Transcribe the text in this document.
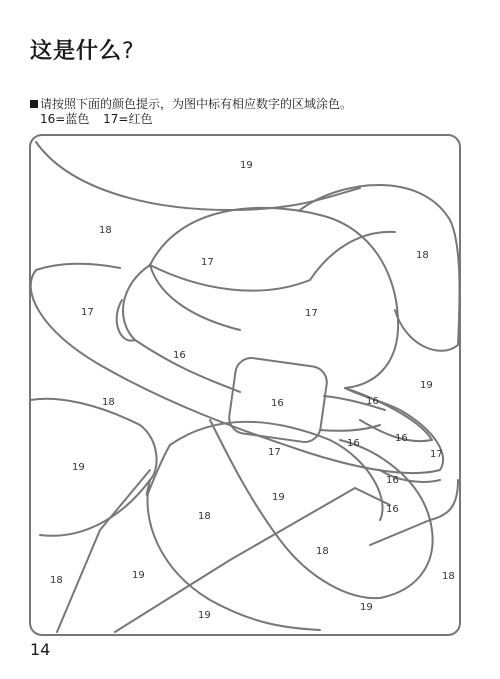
这是什么?
请按照下面的颜色提示，为图中标有相应数字的区域涂色。
16=蓝色 17=红色
19
18
17
18
17	17
16
16	16
19
18
17
16	16
17
19
16
19
18
16
18
18	19
19
18
19
14
